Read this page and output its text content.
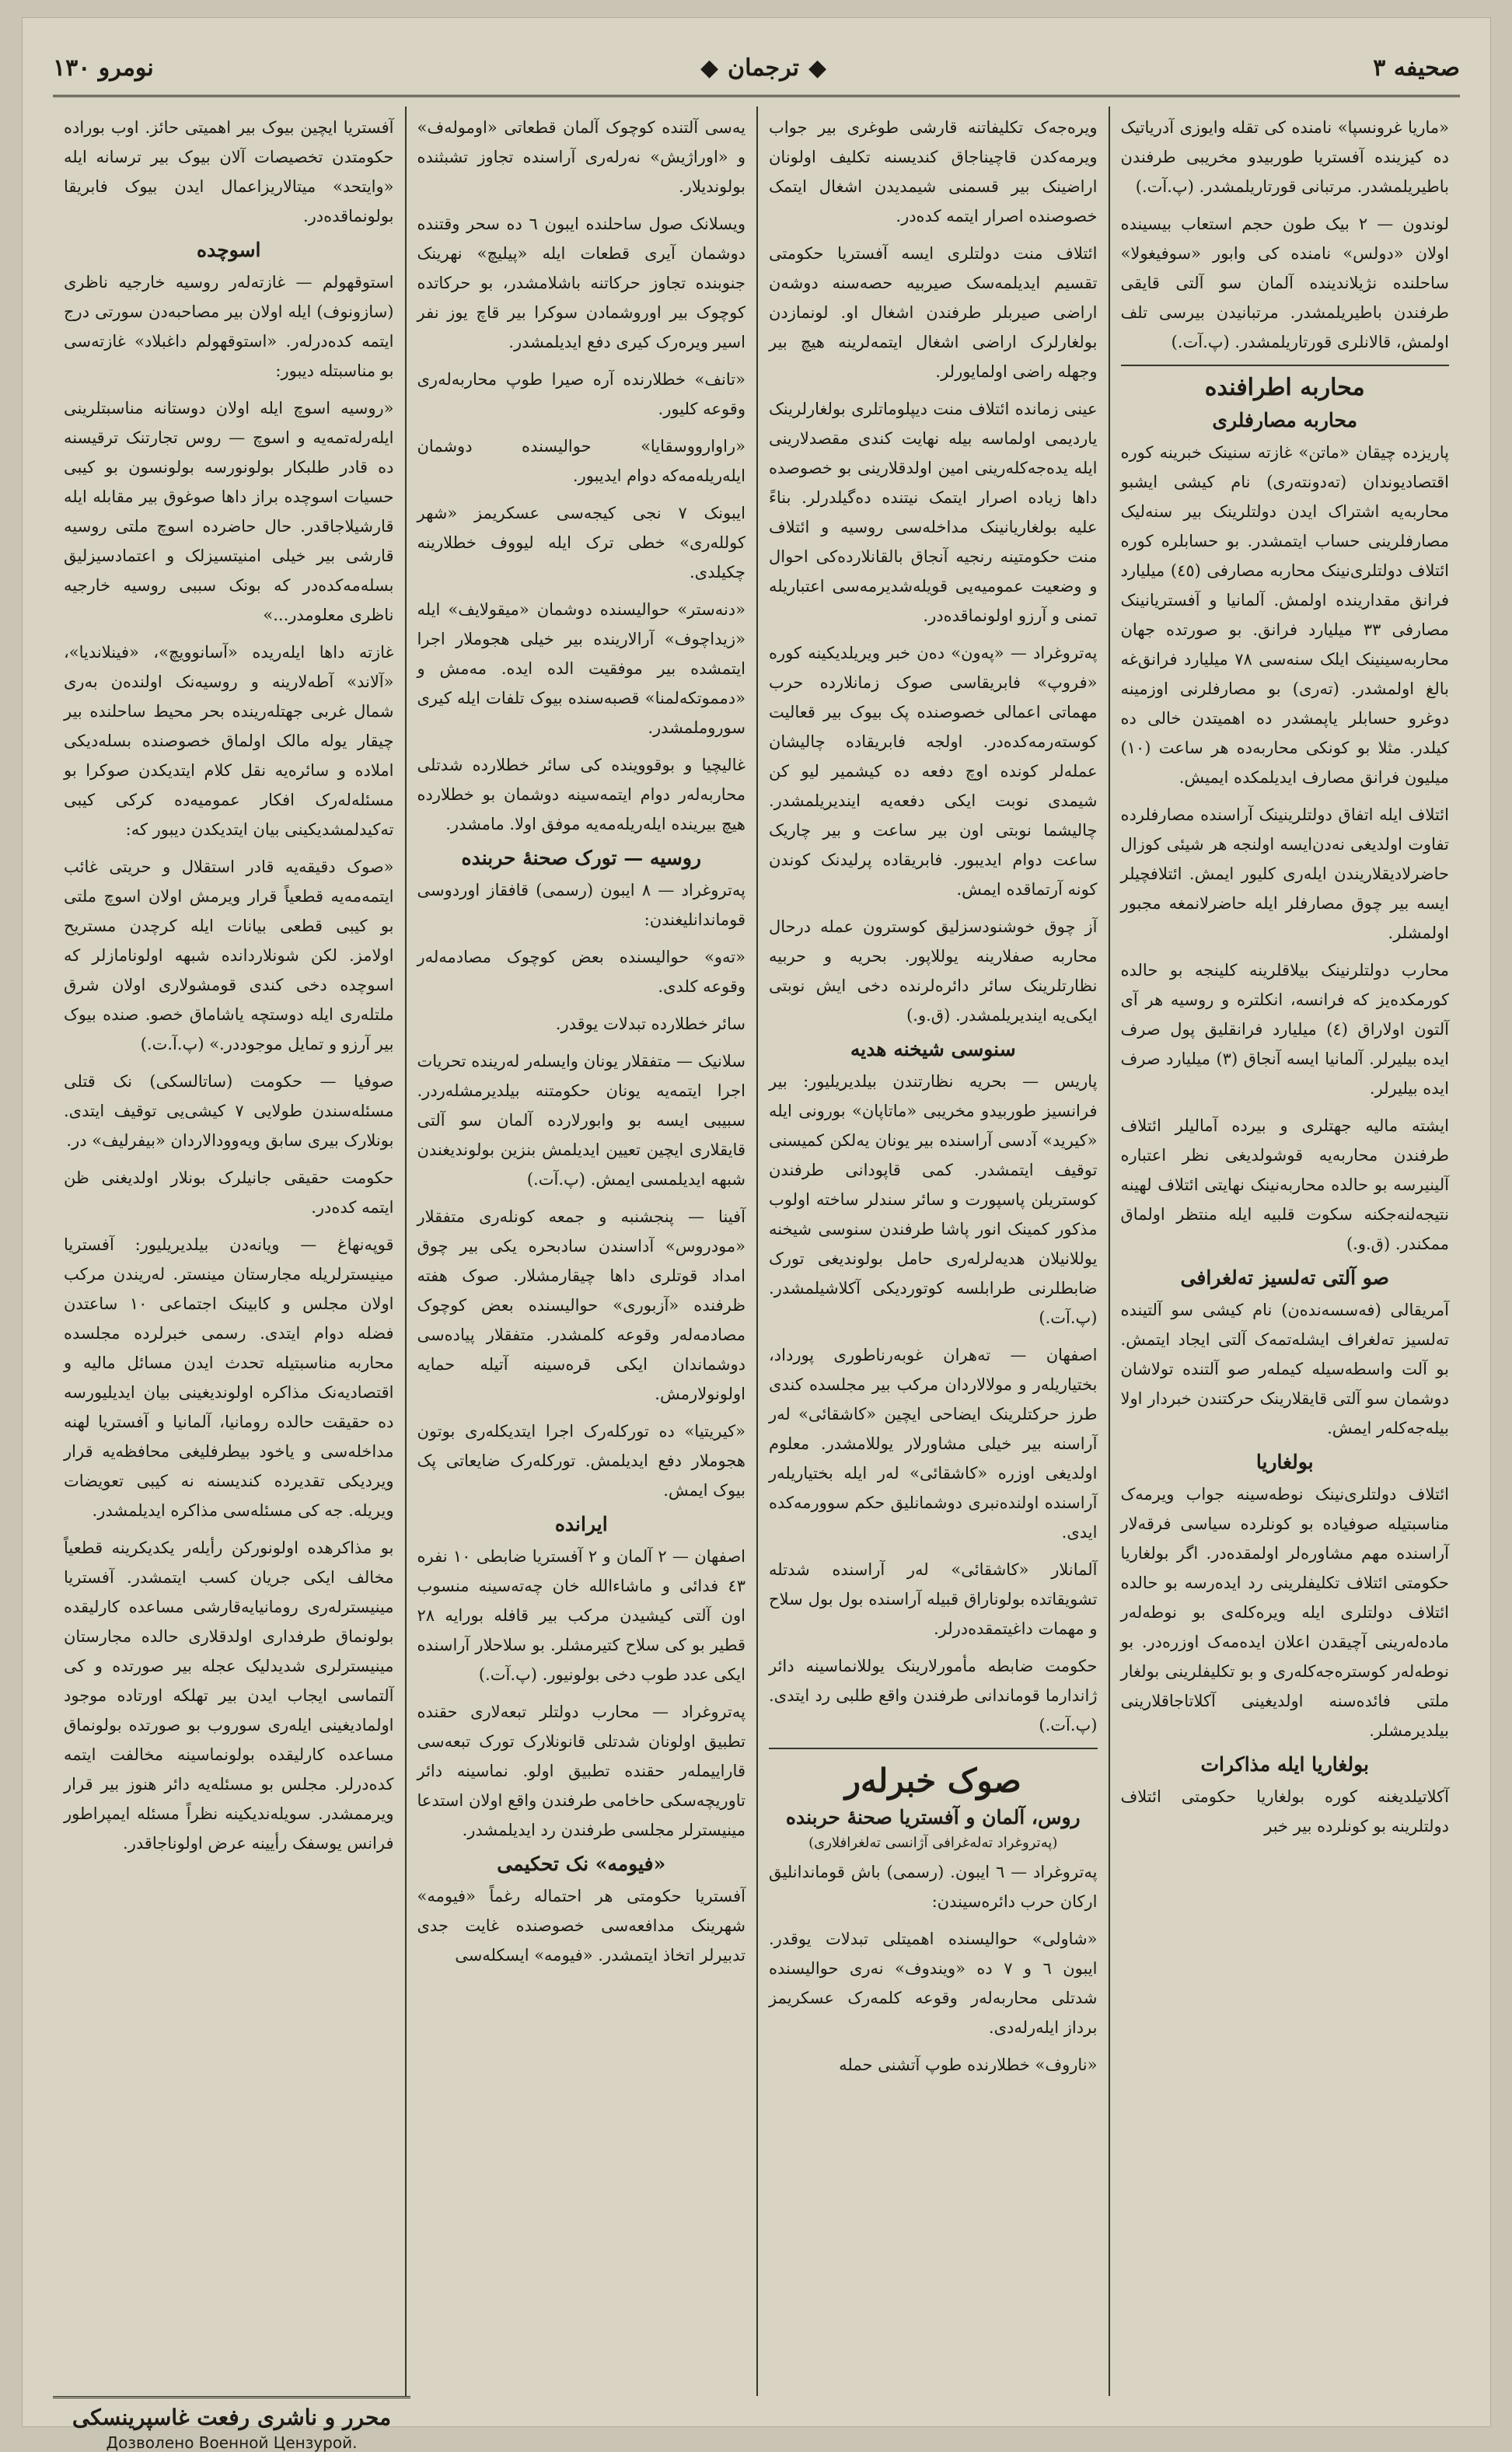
صحیفه ۳
◆
ترجمان
◆
نومرو ۱۳۰

«ماریا غرونسپا» نامنده کی تقله وایوزی آدریاتیک ده کیزینده آفستریا طوربیدو مخریبی طرفندن باطیریلمشدر. مرتبانی قورتاریلمشدر. (پ.آت.)

لوندون — ۲ بیک طون حجم استعاب بیسینده اولان «دولس» نامنده کی وابور «سوفیغولا» ساحلنده نژیلاندینده آلمان سو آلتی قایقی طرفندن باطیریلمشدر. مرتبانیدن بیرسی تلف اولمش، قالانلری قورتاریلمشدر. (پ.آت.)

محاربه اطرافنده
محاربه مصارفلری

پاریزده چیقان «ماتن» غازته سنینک خبرینه کوره اقتصادیوندان (تەدونتەری) نام کیشی ایشبو محاربه‌یه اشتراک ایدن دولتلرینک بیر سنه‌لیک مصارفلرینی حساب ایتمشدر. بو حسابلره کوره ائتلاف دولتلری‌نینک محاربه مصارفی (٤٥) میلیارد فرانق مقدارینده اولمش. آلمانیا و آفستریانینک مصارفی ۳۳ میلیارد فرانق. بو صورتده جهان محاربه‌سینینک ایلک سنه‌سی ۷۸ میلیارد فرانق‌غه بالغ اولمشدر. (تەری) بو مصارفلرنی اوزمینه دوغرو حسابلر یاپمشدر ده اهمیتدن خالی ده کیلدر. مثلا بو کونکی محاربه‌ده هر ساعت (۱۰) میلیون فرانق مصارف ایدیلمکده ایمیش.

ائتلاف ایله اتفاق دولتلرینینک آراسنده مصارفلرده تفاوت اولدیغی نه‌دن‌ایسه اولنجه هر شیئی کوزال حاضرلادیقلاریندن ایله‌ری کلیور ایمش. ائتلافچیلر ایسه بیر چوق مصارفلر ایله حاضرلانمغه مجبور اولمشلر.

محارب دولتلرنینک بیلاقلرینه کلینجه بو حالده کورمکده‌یز که فرانسه، انکلتره و روسیه هر آی آلتون اولاراق (٤) میلیارد فرانقلیق پول صرف ایده بیلیرلر. آلمانیا ایسه آنجاق (۳) میلیارد صرف ایده بیلیرلر.

ایشته مالیه جهتلری و بیرده آمالیلر ائتلاف طرفندن محاربه‌یه قوشولدیغی نظر اعتباره آلینیرسه بو حالده محاربه‌نینک نهایتی ائتلاف لهینه نتیجه‌لنه‌جکنه سکوت قلبیه ایله منتظر اولماق ممکندر. (ق.و.)

صو آلتی تەلسیز تەلغرافی

آمریقالی (فەسسەندەن) نام کیشی سو آلتینده تەلسیز تەلغراف ایشلەتمەک آلتی ایجاد ایتمش. بو آلت واسطەسیله کیملەر صو آلتنده تولاشان دوشمان سو آلتی قایقلارینک حرکتندن خبردار اولا بیلەجەکلەر ایمش.

بولغاریا

ائتلاف دولتلری‌نینک نوطەسینه جواب ویرمەک مناسبتیله صوفیاده بو کونلرده سیاسی فرقەلار آراسنده مهم مشاورەلر اولمقدەدر. اگر بولغاریا حکومتی ائتلاف تکلیفلرینی رد ایدەرسه بو حالده ائتلاف دولتلری ایله ویرەکلەی بو نوطەلەر مادەلەرینی آچیقدن اعلان ایدەمەک اوزرەدر. بو نوطەلەر کوسترەجەکلەری و بو تکلیفلرینی بولغار ملتی فائدەسنه اولدیغینی آکلاتاجاقلارینی بیلدیرمشلر.

بولغاریا ایله مذاکرات

آکلاتیلدیغنه کوره بولغاریا حکومتی ائتلاف دولتلرینه بو کونلرده بیر خبر

ویرەجەک تکلیفاتنه قارشی طوغری بیر جواب ویرمه‌کدن قاچیناجاق کندیسنه تکلیف اولونان اراضینک بیر قسمنی شیمدیدن اشغال ایتمک خصوصنده اصرار ایتمه کده‌در.

ائتلاف منت دولتلری ایسه آفستریا حکومتی تقسیم ایدیلمەسک صیربیه حصه‌سنه دوشەن اراضی صیربلر طرفندن اشغال او. لونمازدن بولغارلرک اراضی اشغال ایتمه‌لرینه هیچ بیر وجهله راضی اولمایورلر.

عینی زمانده ائتلاف منت دیپلوماتلری بولغارلرینک یاردیمی اولماسه بیله نهایت کندی مقصدلارینی ایله یدەجەکلەرینی امین اولدقلارینی بو خصوصده داها زیاده اصرار ایتمک نیتنده ده‌گیلدرلر. بناءً علیه بولغاریانینک مداخلەسی روسیه و ائتلاف منت حکومتینه رنجیه آنجاق بالقانلارده‌کی احوال و وضعیت عمومیه‌یی قویلەشدیرمەسی اعتباریله تمنی و آرزو اولونماقده‌در.

پەتروغراد — «پەون» دەن خبر ویریلدیکینه کوره «فروپ» فابریقاسی صوک زمانلارده حرب مهماتی اعمالی خصوصنده پک بیوک بیر قعالیت کوستەرمەکدەدر. اولجه فابریقاده چالیشان عمله‌لر کونده اوچ دفعه ده کیشمیر لیو کن شیمدی نوبت ایکی دفعه‌یه ایندیریلمشدر. چالیشما نوبتی اون بیر ساعت و بیر چاریک ساعت دوام ایدیبور. فابریقاده پرلیدنک کوندن کونه آرتماقده ایمش.

آز چوق خوشنودسزلیق کوسترون عمله درحال محاربه صفلارینه یوللاپور. بحریه و حربیه نظارتلرینک سائر دائره‌لرنده دخی ایش نوبتی ایکی‌یه ایندیریلمشدر. (ق.و.)

سنوسی شیخنه هدیه

پاریس — بحریه نظارتندن بیلدیریلیور: بیر فرانسیز طوربیدو مخریبی «ماتاپان» بورونی ایله «کیرید» آدسی آراسنده بیر یونان یەلکن کمیسنی توقیف ایتمشدر. کمی قاپودانی طرفندن کوستریلن پاسپورت و سائر سندلر ساخته اولوب مذکور کمینک انور پاشا طرفندن سنوسی شیخنه یوللانیلان هدیه‌لرلەری حامل بولوندیغی تورک ضابطلرنی طرابلسه کوتوردیکی آکلاشیلمشدر. (پ.آت.)

اصفهان — تەهران غوبەرناطوری پورداد، بختیاریلەر و مولالاردان مرکب بیر مجلسده کندی طرز حرکتلرینک ایضاحی ایچین «کاشقائی» لەر آراسنه بیر خیلی مشاورلار یوللامشدر. معلوم اولدیغی اوزره «کاشقائی» لەر ایله بختیاریلەر آراسنده اولنده‌نبری دوشمانلیق حکم سوورمه‌کده ایدی.

آلمانلار «کاشقائی» لەر آراسنده شدتله تشویقاتده بولوناراق قبیله آراسنده بول بول سلاح و مهمات داغیتمقده‌درلر.

حکومت ضابطه مأمورلارینک یوللانماسینه دائر ژاندارما قوماندانی طرفندن واقع طلبی رد ایتدی. (پ.آت.)

صوک خبرلەر
روس، آلمان و آفستریا صحنهٔ حربنده
(پەتروغراد تەلەغرافی آژانسی تەلغرافلاری)

پەتروغراد — ٦ ایبون. (رسمی) باش قوماندانلیق ارکان حرب دائرەسیندن:

«شاولی» حوالیسنده اهمیتلی تبدلات یوقدر. ایبون ٦ و ۷ ده «ویندوف» نەری حوالیسنده شدتلی محاربه‌لەر وقوعه کلمه‌رک عسکریمز برداز ایلەرلەدی.

«ناروف» خطلارنده طوپ آتشنی حمله

یەسی آلتنده کوچوک آلمان قطعاتی «اومولەف» و «اوراژیش» نەرلەری آراسنده تجاوز تشبثنده بولوندیلار.

ویسلانک صول ساحلنده ایبون ٦ ده سحر وقتنده دوشمان آیری قطعات ایله «پیلیچ» نهرینک جنوبنده تجاوز حرکاتنه باشلامشدر، بو حرکاتده کوچوک بیر اوروشمادن سوکرا بیر قاچ یوز نفر اسیر ویرەرک کیری دفع ایدیلمشدر.

«تانف» خطلارنده آره صیرا طوپ محاربه‌لەری وقوعه کلیور.

«راوارووسقایا» حوالیسنده دوشمان ایلەریلەمەکه دوام ایدیبور.

ایبونک ۷ نجی کیجەسی عسکریمز «شهر کوللەری» خطی ترک ایله لیووف خطلارینه چکیلدی.

«دنەستر» حوالیسنده دوشمان «میقولایف» ایله «زیداچوف» آرالارینده بیر خیلی هجوملار اجرا ایتمشده بیر موفقیت الده ایده. مەمش و «دمموتکەلمنا» قصبەسنده بیوک تلفات ایله کیری سوروملمشدر.

غالیچیا و بوقووینده کی سائر خطلارده شدتلی محاربه‌لەر دوام ایتمه‌سینه دوشمان بو خطلارده هیچ بیرینده ایلەریلەمەیه موفق اولا. مامشدر.

روسیه — تورک صحنهٔ حربنده

پەتروغراد — ۸ ایبون (رسمی) قافقاز اوردوسی قوماندانلیغندن:

«تەو» حوالیسنده بعض کوچوک مصادمه‌لەر وقوعه کلدی.

سائر خطلارده تبدلات یوقدر.

سلانیک — متفقلار یونان وایسلەر لەرینده تحریات اجرا ایتمه‌یه یونان حکومتنه بیلدیرمشلەردر. سبیبی ایسه بو وابورلارده آلمان سو آلتی قایقلاری ایچین تعیین ایدیلمش بنزین بولوندیغندن شبهه ایدیلمسی ایمش. (پ.آت.)

آفینا — پنجشنبه و جمعه کونلەری متفقلار «مودروس» آداسندن سادبحره یکی بیر چوق امداد قوتلری داها چیقارمشلار. صوک هفته ظرفنده «آزبوری» حوالیسنده بعض کوچوک مصادمه‌لەر وقوعه کلمشدر. متفقلار پیادەسی دوشماندان ایکی قرەسینه آتیله حمایه اولونولارمش.

«کیریتیا» ده تورکلەرک اجرا ایتدیکلەری بوتون هجوملار دفع ایدیلمش. تورکلەرک ضایعاتی پک بیوک ایمش.

ایرانده

اصفهان — ۲ آلمان و ۲ آفستریا ضابطی ۱۰ نفره ٤۳ فدائی و ماشاءالله خان چەتەسینه منسوب اون آلتی کیشیدن مرکب بیر قافله بورایه ۲۸ قطیر بو کی سلاح کتیرمشلر. بو سلاحلار آراسنده ایکی عدد طوب دخی بولونیور. (پ.آت.)

پەتروغراد — محارب دولتلر تبعه‌لاری حقنده تطبیق اولونان شدتلی قانونلارک تورک تبعه‌سی قاراییملەر حقنده تطبیق اولو. نماسینه دائر تاوریچەسکی حاخامی طرفندن واقع اولان استدعا مینیسترلر مجلسی طرفندن رد ایدیلمشدر.

«فیومه» نک تحکیمی

آفستریا حکومتی هر احتماله رغماً «فیومه» شهرینک مدافعه‌سی خصوصنده غایت جدی تدبیرلر اتخاذ ایتمشدر. «فیومه» ایسکله‌سی

آفستریا ایچین بیوک بیر اهمیتی حائز. اوب بوراده حکومتدن تخصیصات آلان بیوک بیر ترسانه ایله «وایتحد» میتالاریزاعمال ایدن بیوک فابریقا بولونماقده‌در.

اسوچده

استوقهولم — غازتەلەر روسیه خارجیه ناظری (سازونوف) ایله اولان بیر مصاحبەدن سورتی درج ایتمه کده‌درلەر. «استوقهولم داغبلاد» غازتەسی بو مناسبتله دیبور:

«روسیه اسوچ ایله اولان دوستانه مناسبتلرینی ایلەرلەتمه‌یه و اسوچ — روس تجارتنک ترقیسنه ده قادر طلبکار بولونورسه بولونسون بو کیبی حسیات اسوچده براز داها صوغوق بیر مقابله ایله قارشیلاجاقدر. حال حاضرده اسوچ ملتی روسیه قارشی بیر خیلی امنیتسیزلک و اعتمادسیزلیق بسلەمه‌کده‌در که بونک سببی روسیه خارجیه ناظری معلومدر...»

غازتە داها ایلەریده «آسانوویچ»، «فینلاندیا»، «آلاند» آطەلارینه و روسیه‌نک اولنده‌ن بەری شمال غربی جهتلەرینده بحر محیط ساحلنده بیر چیقار یوله مالک اولماق خصوصنده بسلەدیکی املاده و سائرەیه نقل کلام ایتدیکدن صوکرا بو مسئلەلەرک افکار عمومیه‌ده کرکی کیبی تەکیدلمشدیکینی بیان ایتدیکدن دیبور که:

«صوک دقیقه‌یه قادر استقلال و حریتی غائب ایتمه‌مه‌یه قطعیاً قرار ویرمش اولان اسوچ ملتی بو کیبی قطعی بیانات ایله کرچدن مستریح اولامز. لکن شونلارداندە شبهه اولونامازلر که اسوچده دخی کندی قومشولاری اولان شرق ملتلەری ایله دوستچه یاشاماق خصو. صنده بیوک بیر آرزو و تمایل موجوددر.» (پ.آ.ت.)

صوفیا — حکومت (ساتالسکی) نک قتلی مسئلەسندن طولایی ۷ کیشی‌یی توقیف ایتدی. بونلارک بیری سابق ویەوودالاردان «بیفرلیف» در.

حکومت حقیقی جانیلرک بونلار اولدیغنی ظن ایتمه کده‌در.

قوپەنهاغ — ویانەدن بیلدیریلیور: آفستریا مینیسترلریله مجارستان مینستر. لەریندن مرکب اولان مجلس و کابینک اجتماعی ۱۰ ساعتدن فضله دوام ایتدی. رسمی خبرلرده مجلسده محاربه مناسبتیله تحدث ایدن مسائل مالیه و اقتصادیه‌نک مذاکره اولوندیغینی بیان ایدیلیورسه ده حقیقت حالده رومانیا، آلمانیا و آفستریا لهنه مداخلەسی و یاخود بیطرفلیغی محافظه‌یه قرار ویردیکی تقدیرده کندیسنه نه کیبی تعویضات ویریله. جه کی مسئلەسی مذاکره ایدیلمشدر.

بو مذاکرهده اولونورکن رأیلەر یکدیکرینه قطعیاً مخالف ایکی جریان کسب ایتمشدر. آفستریا مینیسترلەری رومانیایه‌قارشی مساعده کارلیقده بولونماق طرفداری اولدقلاری حالده مجارستان مینیسترلری شدیدلیک عجله بیر صورتده و کی آلتماسی ایجاب ایدن بیر تهلکه اورتاده موجود اولمادیغینی ایلەری سوروب بو صورتده بولونماق مساعده کارلیقده بولونماسینه مخالفت ایتمه کده‌درلر. مجلس بو مسئله‌یه دائر هنوز بیر قرار ویرممشدر. سویلەندیکینه نظراً مسئله ایمپراطور فرانس یوسفک رأیینه عرض اولوناجاقدر.

محرر و ناشری رفعت غاسپرینسکی
Дозволено Военной Цензурой.
